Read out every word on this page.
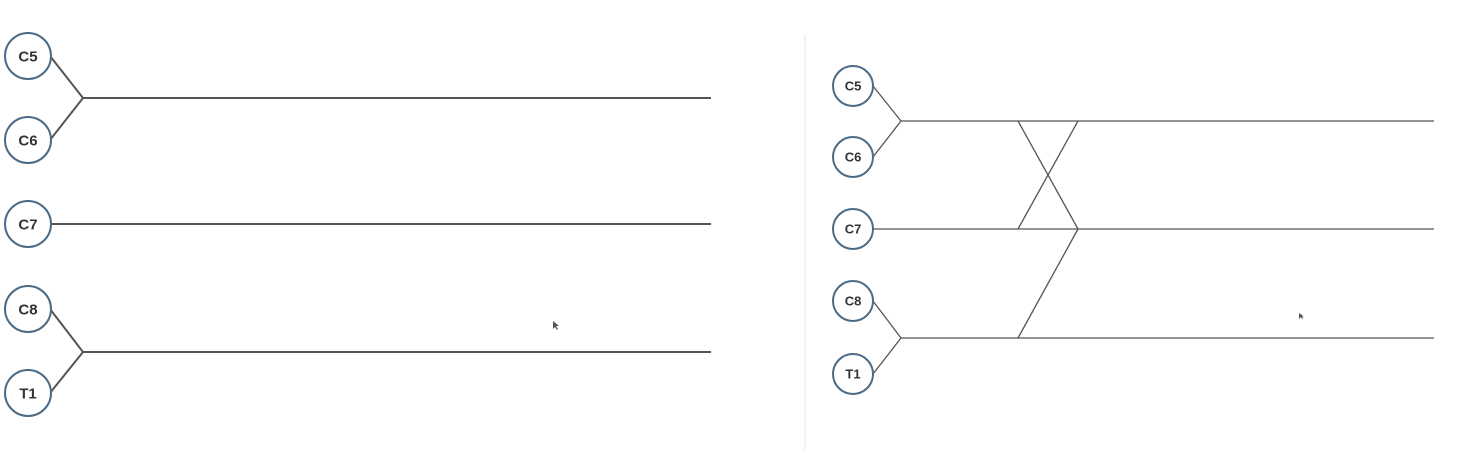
C5
C6
C7
C8
T1
C5
C6
C7
C8
T1
